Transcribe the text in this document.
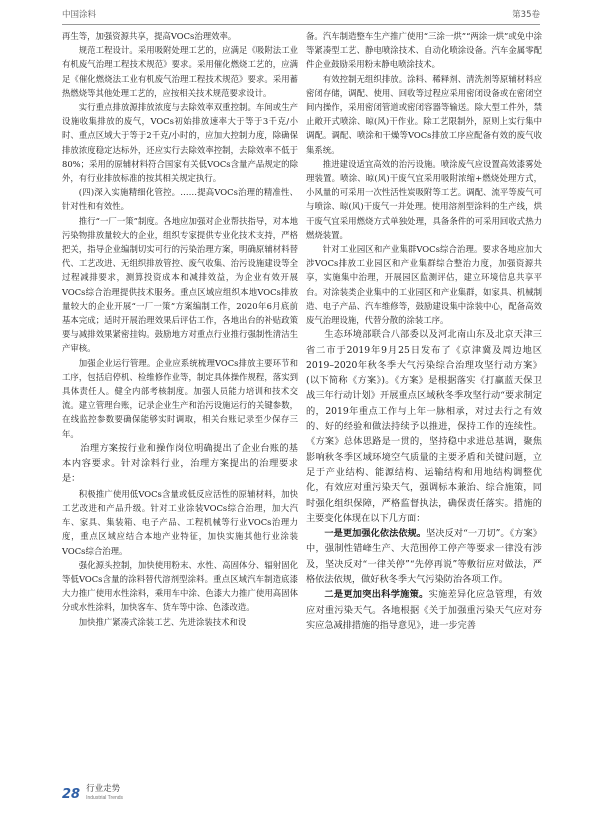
中国涂料	第35卷

再生等，加强资源共享，提高VOCs治理效率。

规范工程设计。采用吸附处理工艺的，应满足《吸附法工业有机废气治理工程技术规范》要求。采用催化燃烧工艺的，应满足《催化燃烧法工业有机废气治理工程技术规范》要求。采用蓄热燃烧等其他处理工艺的，应按相关技术规范要求设计。

实行重点排放源排放浓度与去除效率双重控制。车间或生产设施收集排放的废气，VOCs初始排放速率大于等于3千克/小时、重点区域大于等于2千克/小时的，应加大控制力度，除确保排放浓度稳定达标外，还应实行去除效率控制，去除效率不低于80%；采用的原辅材料符合国家有关低VOCs含量产品规定的除外，有行业排放标准的按其相关规定执行。

(四)深入实施精细化管控。……提高VOCs治理的精准性、针对性和有效性。

推行“一厂一策”制度。各地应加强对企业帮扶指导，对本地污染物排放量较大的企业，组织专家提供专业化技术支持，严格把关，指导企业编制切实可行的污染治理方案，明确原辅材料替代、工艺改进、无组织排放管控、废气收集、治污设施建设等全过程减排要求，测算投资成本和减排效益，为企业有效开展VOCs综合治理提供技术服务。重点区域应组织本地VOCs排放量较大的企业开展“一厂一策”方案编制工作，2020年6月底前基本完成；适时开展治理效果后评估工作，各地出台的补贴政策要与减排效果紧密挂钩。鼓励地方对重点行业推行强制性清洁生产审核。

加强企业运行管理。企业应系统梳理VOCs排放主要环节和工序，包括启停机、检维修作业等，制定具体操作规程，落实到具体责任人。健全内部考核制度。加强人员能力培训和技术交流。建立管理台账，记录企业生产和治污设施运行的关键参数，在线监控参数要确保能够实时调取，相关台账记录至少保存三年。

治理方案按行业和操作岗位明确提出了企业台账的基本内容要求。针对涂料行业，治理方案提出的治理要求是：

积极推广使用低VOCs含量或低反应活性的原辅材料，加快工艺改进和产品升级。针对工业涂装VOCs综合治理，加大汽车、家具、集装箱、电子产品、工程机械等行业VOCs治理力度，重点区域应结合本地产业特征，加快实施其他行业涂装VOCs综合治理。

强化源头控制，加快使用粉末、水性、高固体分、辐射固化等低VOCs含量的涂料替代溶剂型涂料。重点区域汽车制造底漆大力推广使用水性涂料，乘用车中涂、色漆大力推广使用高固体分或水性涂料，加快客车、货车等中涂、色漆改造。

加快推广紧凑式涂装工艺、先进涂装技术和设

备。汽车制造整车生产推广使用“三涂一烘”“两涂一烘”或免中涂等紧凑型工艺、静电喷涂技术、自动化喷涂设备。汽车金属零配件企业鼓励采用粉末静电喷涂技术。

有效控制无组织排放。涂料、稀释剂、清洗剂等原辅材料应密闭存储，调配、使用、回收等过程应采用密闭设备或在密闭空间内操作，采用密闭管道或密闭容器等输送。除大型工件外，禁止敞开式喷涂、晾(风)干作业。除工艺限制外，原则上实行集中调配。调配、喷涂和干燥等VOCs排放工序应配备有效的废气收集系统。

推进建设适宜高效的治污设施。喷涂废气应设置高效漆雾处理装置。喷涂、晾(风)干废气宜采用吸附浓缩+燃烧处理方式，小风量的可采用一次性活性炭吸附等工艺。调配、流平等废气可与喷涂、晾(风)干废气一并处理。使用溶剂型涂料的生产线，烘干废气宜采用燃烧方式单独处理，具备条件的可采用回收式热力燃烧装置。

针对工业园区和产业集群VOCs综合治理。要求各地应加大涉VOCs排放工业园区和产业集群综合整治力度，加强资源共享，实施集中治理，开展园区监测评估，建立环境信息共享平台。对涂装类企业集中的工业园区和产业集群，如家具、机械制造、电子产品、汽车维修等，鼓励建设集中涂装中心，配备高效废气治理设施，代替分散的涂装工序。

生态环境部联合八部委以及河北南山东及北京天津三省二市于2019年9月25日发布了《京津冀及周边地区2019–2020年秋冬季大气污染综合治理攻坚行动方案》(以下简称《方案》)。《方案》是根据落实《打赢蓝天保卫战三年行动计划》开展重点区域秋冬季攻坚行动“要求制定的，2019年重点工作与上年一脉相承，对过去行之有效的、好的经验和做法持续予以推进，保持工作的连续性。《方案》总体思路是一贯的，坚持稳中求进总基调，聚焦影响秋冬季区域环境空气质量的主要矛盾和关键问题，立足于产业结构、能源结构、运输结构和用地结构调整优化，有效应对重污染天气，强调标本兼治、综合施策，同时强化组织保障，严格监督执法，确保责任落实。措施的主要变化体现在以下几方面：

一是更加强化依法依规。坚决反对“一刀切”。《方案》中，强制性错峰生产、大范围停工停产等要求一律没有涉及，坚决反对“一律关停”“先停再说”等敷衍应对做法，严格依法依规，做好秋冬季大气污染防治各项工作。

二是更加突出科学施策。实施差异化应急管理，有效应对重污染天气。各地根据《关于加强重污染天气应对夯实应急减排措施的指导意见》，进一步完善

28 行业走势
Industrial Trends
